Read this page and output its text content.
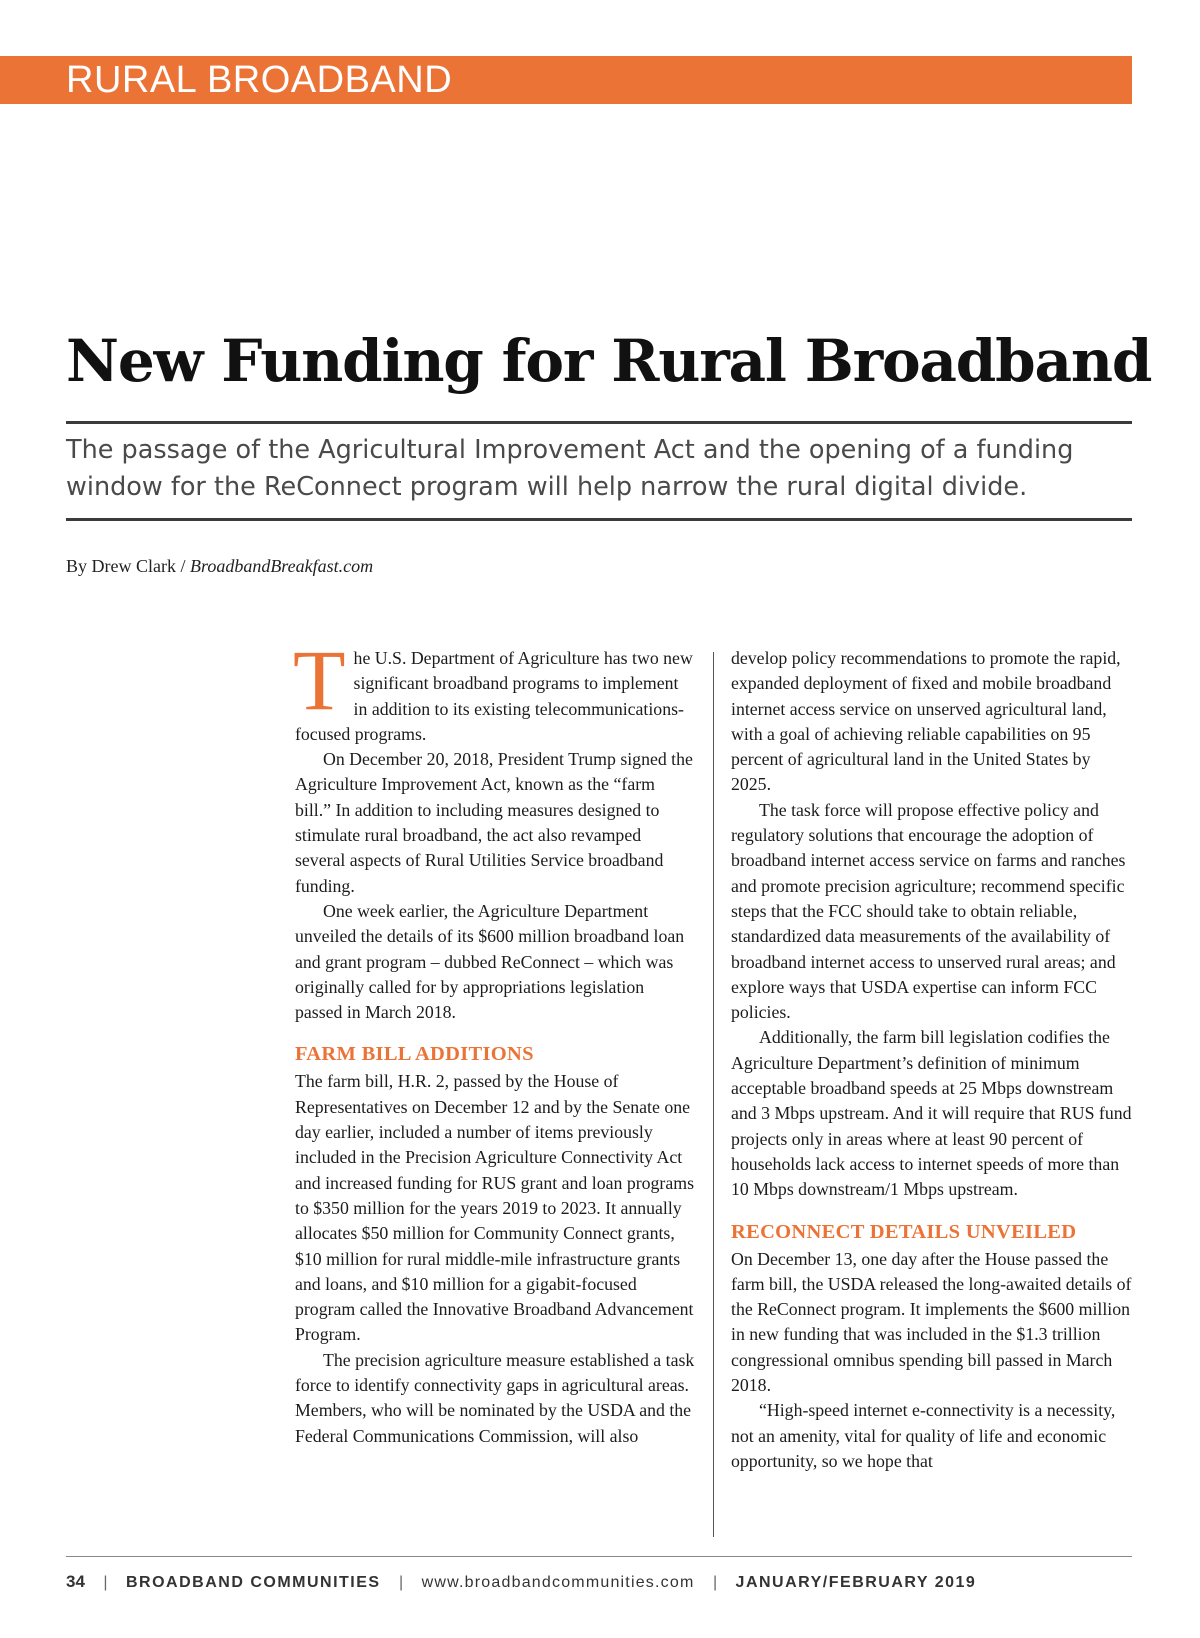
RURAL BROADBAND
New Funding for Rural Broadband
The passage of the Agricultural Improvement Act and the opening of a funding window for the ReConnect program will help narrow the rural digital divide.
By Drew Clark / BroadbandBreakfast.com

The U.S. Department of Agriculture has two new significant broadband programs to implement in addition to its existing telecommunications-focused programs.

On December 20, 2018, President Trump signed the Agriculture Improvement Act, known as the “farm bill.” In addition to including measures designed to stimulate rural broadband, the act also revamped several aspects of Rural Utilities Service broadband funding.

One week earlier, the Agriculture Department unveiled the details of its $600 million broadband loan and grant program – dubbed ReConnect – which was originally called for by appropriations legislation passed in March 2018.

FARM BILL ADDITIONS

The farm bill, H.R. 2, passed by the House of Representatives on December 12 and by the Senate one day earlier, included a number of items previously included in the Precision Agriculture Connectivity Act and increased funding for RUS grant and loan programs to $350 million for the years 2019 to 2023. It annually allocates $50 million for Community Connect grants, $10 million for rural middle-mile infrastructure grants and loans, and $10 million for a gigabit-focused program called the Innovative Broadband Advancement Program.

The precision agriculture measure established a task force to identify connectivity gaps in agricultural areas. Members, who will be nominated by the USDA and the Federal Communications Commission, will also

develop policy recommendations to promote the rapid, expanded deployment of fixed and mobile broadband internet access service on unserved agricultural land, with a goal of achieving reliable capabilities on 95 percent of agricultural land in the United States by 2025.

The task force will propose effective policy and regulatory solutions that encourage the adoption of broadband internet access service on farms and ranches and promote precision agriculture; recommend specific steps that the FCC should take to obtain reliable, standardized data measurements of the availability of broadband internet access to unserved rural areas; and explore ways that USDA expertise can inform FCC policies.

Additionally, the farm bill legislation codifies the Agriculture Department’s definition of minimum acceptable broadband speeds at 25 Mbps downstream and 3 Mbps upstream. And it will require that RUS fund projects only in areas where at least 90 percent of households lack access to internet speeds of more than 10 Mbps downstream/1 Mbps upstream.

RECONNECT DETAILS UNVEILED

On December 13, one day after the House passed the farm bill, the USDA released the long-awaited details of the ReConnect program. It implements the $600 million in new funding that was included in the $1.3 trillion congressional omnibus spending bill passed in March 2018.

“High-speed internet e-connectivity is a necessity, not an amenity, vital for quality of life and economic opportunity, so we hope that

34 | BROADBAND COMMUNITIES | www.broadbandcommunities.com | JANUARY/FEBRUARY 2019
